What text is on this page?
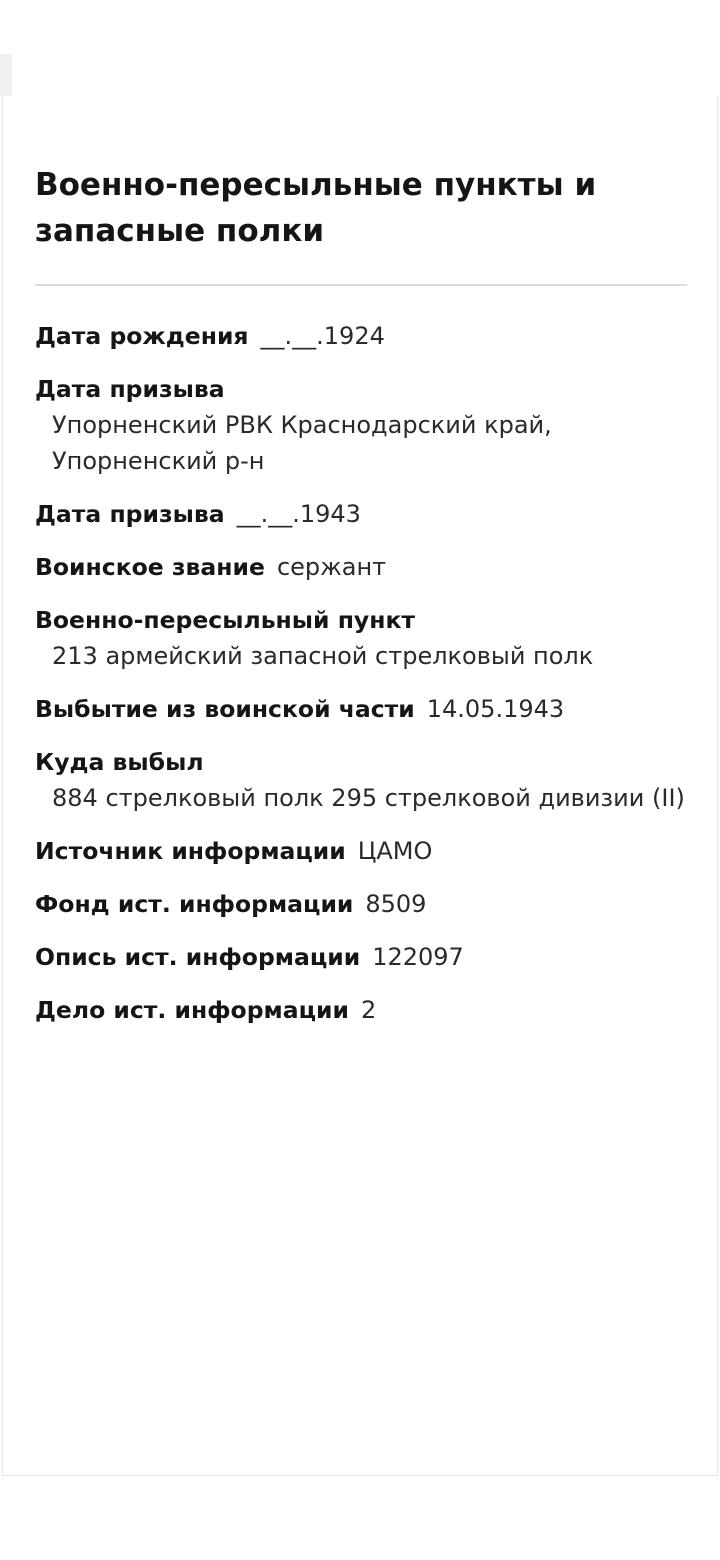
Военно-пересыльные пункты и запасные полки
Дата рождения __.__.1924
Дата призыва
Упорненский РВК Краснодарский край, Упорненский р-н
Дата призыва __.__.1943
Воинское звание сержант
Военно-пересыльный пункт
213 армейский запасной стрелковый полк
Выбытие из воинской части 14.05.1943
Куда выбыл
884 стрелковый полк 295 стрелковой дивизии (II)
Источник информации ЦАМО
Фонд ист. информации 8509
Опись ист. информации 122097
Дело ист. информации 2
